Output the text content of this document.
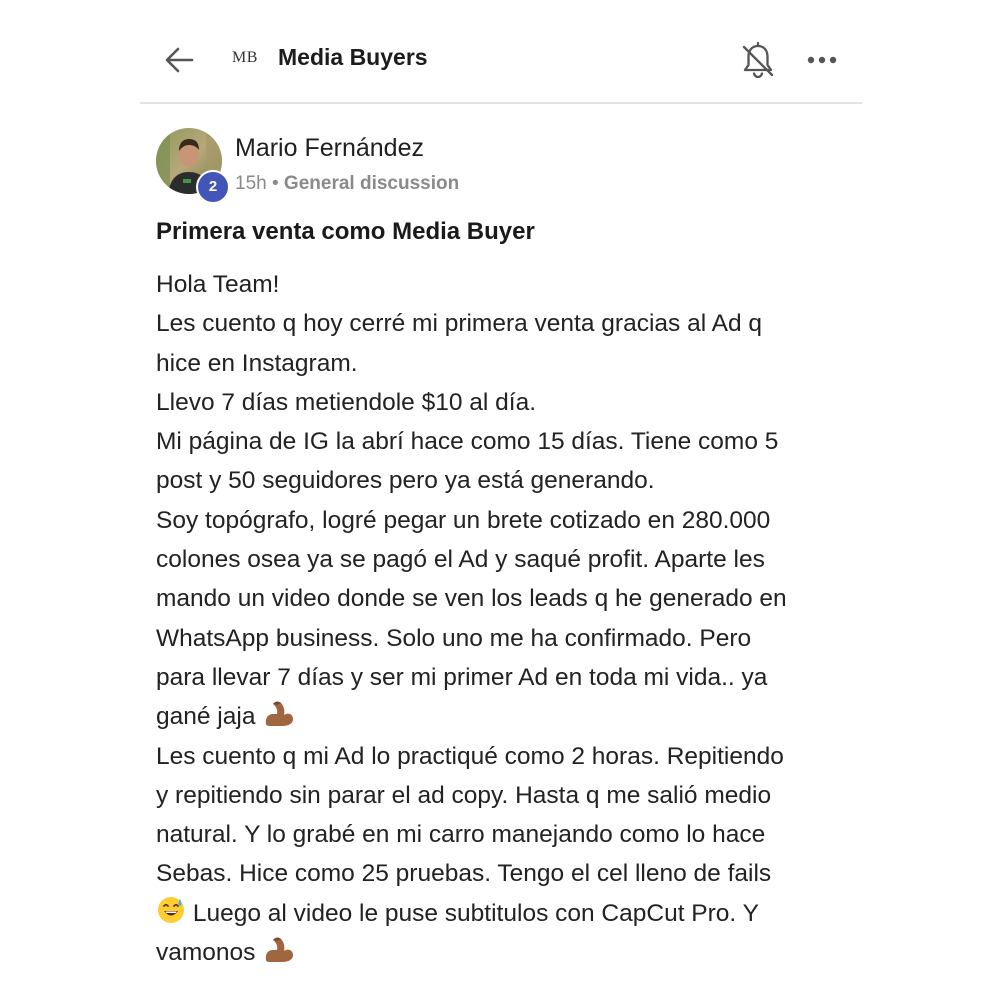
MB Media Buyers
2
Mario Fernández
15h • General discussion
Primera venta como Media Buyer
Hola Team!
Les cuento q hoy cerré mi primera venta gracias al Ad q
hice en Instagram.
Llevo 7 días metiendole $10 al día.
Mi página de IG la abrí hace como 15 días. Tiene como 5
post y 50 seguidores pero ya está generando.
Soy topógrafo, logré pegar un brete cotizado en 280.000
colones osea ya se pagó el Ad y saqué profit. Aparte les
mando un video donde se ven los leads q he generado en
WhatsApp business. Solo uno me ha confirmado. Pero
para llevar 7 días y ser mi primer Ad en toda mi vida.. ya
gané jaja
Les cuento q mi Ad lo practiqué como 2 horas. Repitiendo
y repitiendo sin parar el ad copy. Hasta q me salió medio
natural. Y lo grabé en mi carro manejando como lo hace
Sebas. Hice como 25 pruebas. Tengo el cel lleno de fails
Luego al video le puse subtitulos con CapCut Pro. Y
vamonos
